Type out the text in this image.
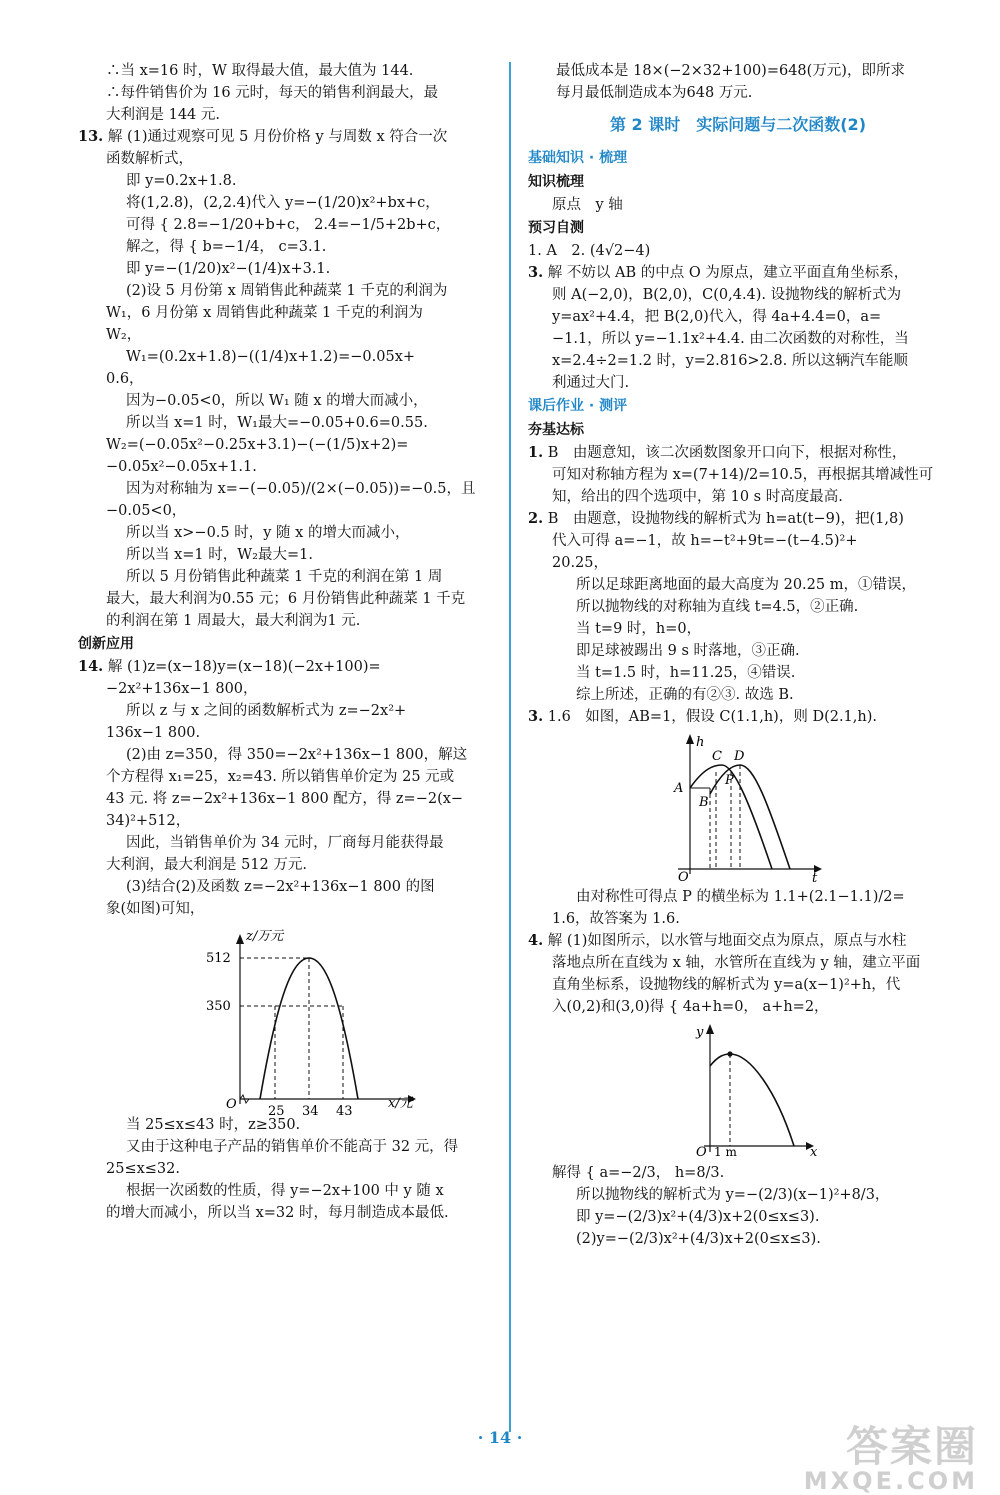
∴当 x=16 时，W 取得最大值，最大值为 144.

∴每件销售价为 16 元时，每天的销售利润最大，最

大利润是 144 元.

13. 解 (1)通过观察可见 5 月份价格 y 与周数 x 符合一次

函数解析式，

即 y=0.2x+1.8.

将(1,2.8)，(2,2.4)代入 y=−(1/20)x²+bx+c，

可得 { 2.8=−1/20+b+c， 2.4=−1/5+2b+c，

解之，得 { b=−1/4， c=3.1.

即 y=−(1/20)x²−(1/4)x+3.1.

(2)设 5 月份第 x 周销售此种蔬菜 1 千克的利润为

W₁，6 月份第 x 周销售此种蔬菜 1 千克的利润为

W₂，

W₁=(0.2x+1.8)−((1/4)x+1.2)=−0.05x+

0.6，

因为−0.05<0，所以 W₁ 随 x 的增大而减小，

所以当 x=1 时，W₁最大=−0.05+0.6=0.55.

W₂=(−0.05x²−0.25x+3.1)−(−(1/5)x+2)=

−0.05x²−0.05x+1.1.

因为对称轴为 x=−(−0.05)/(2×(−0.05))=−0.5，且

−0.05<0，

所以当 x>−0.5 时，y 随 x 的增大而减小，

所以当 x=1 时，W₂最大=1.

所以 5 月份销售此种蔬菜 1 千克的利润在第 1 周

最大，最大利润为0.55 元；6 月份销售此种蔬菜 1 千克

的利润在第 1 周最大，最大利润为1 元.

创新应用

14. 解 (1)z=(x−18)y=(x−18)(−2x+100)=

−2x²+136x−1 800，

所以 z 与 x 之间的函数解析式为 z=−2x²+

136x−1 800.

(2)由 z=350，得 350=−2x²+136x−1 800，解这

个方程得 x₁=25，x₂=43. 所以销售单价定为 25 元或

43 元. 将 z=−2x²+136x−1 800 配方，得 z=−2(x−

34)²+512，

因此，当销售单价为 34 元时，厂商每月能获得最

大利润，最大利润是 512 万元.

(3)结合(2)及函数 z=−2x²+136x−1 800 的图

象(如图)可知，

z/万元
x/元
O
512
350
25 34 43

当 25≤x≤43 时，z≥350.

又由于这种电子产品的销售单价不能高于 32 元，得

25≤x≤32.

根据一次函数的性质，得 y=−2x+100 中 y 随 x

的增大而减小，所以当 x=32 时，每月制造成本最低.

最低成本是 18×(−2×32+100)=648(万元)，即所求

每月最低制造成本为648 万元.

第 2 课时　实际问题与二次函数(2)

基础知识 · 梳理

知识梳理

原点　y 轴

预习自测

1. A　2. (4√2−4)

3. 解 不妨以 AB 的中点 O 为原点，建立平面直角坐标系，

则 A(−2,0)，B(2,0)，C(0,4.4). 设抛物线的解析式为

y=ax²+4.4，把 B(2,0)代入，得 4a+4.4=0，a=

−1.1，所以 y=−1.1x²+4.4. 由二次函数的对称性，当

x=2.4÷2=1.2 时，y=2.816>2.8. 所以这辆汽车能顺

利通过大门.

课后作业 · 测评

夯基达标

1. B　由题意知，该二次函数图象开口向下，根据对称性，

可知对称轴方程为 x=(7+14)/2=10.5，再根据其增减性可

知，给出的四个选项中，第 10 s 时高度最高.

2. B　由题意，设抛物线的解析式为 h=at(t−9)，把(1,8)

代入可得 a=−1，故 h=−t²+9t=−(t−4.5)²+

20.25，

所以足球距离地面的最大高度为 20.25 m，①错误，

所以抛物线的对称轴为直线 t=4.5，②正确.

当 t=9 时，h=0，

即足球被踢出 9 s 时落地，③正确.

当 t=1.5 时，h=11.25，④错误.

综上所述，正确的有②③. 故选 B.

3. 1.6　如图，AB=1，假设 C(1.1,h)，则 D(2.1,h).

h
t
O
A
B
C D
P

由对称性可得点 P 的横坐标为 1.1+(2.1−1.1)/2=

1.6，故答案为 1.6.

4. 解 (1)如图所示，以水管与地面交点为原点，原点与水柱

落地点所在直线为 x 轴，水管所在直线为 y 轴，建立平面

直角坐标系，设抛物线的解析式为 y=a(x−1)²+h，代

入(0,2)和(3,0)得 { 4a+h=0， a+h=2，

y
x
O 1 m

解得 { a=−2/3， h=8/3.

所以抛物线的解析式为 y=−(2/3)(x−1)²+8/3，

即 y=−(2/3)x²+(4/3)x+2(0≤x≤3).

(2)y=−(2/3)x²+(4/3)x+2(0≤x≤3).

· 14 ·	答案圈
MXQE.COM
